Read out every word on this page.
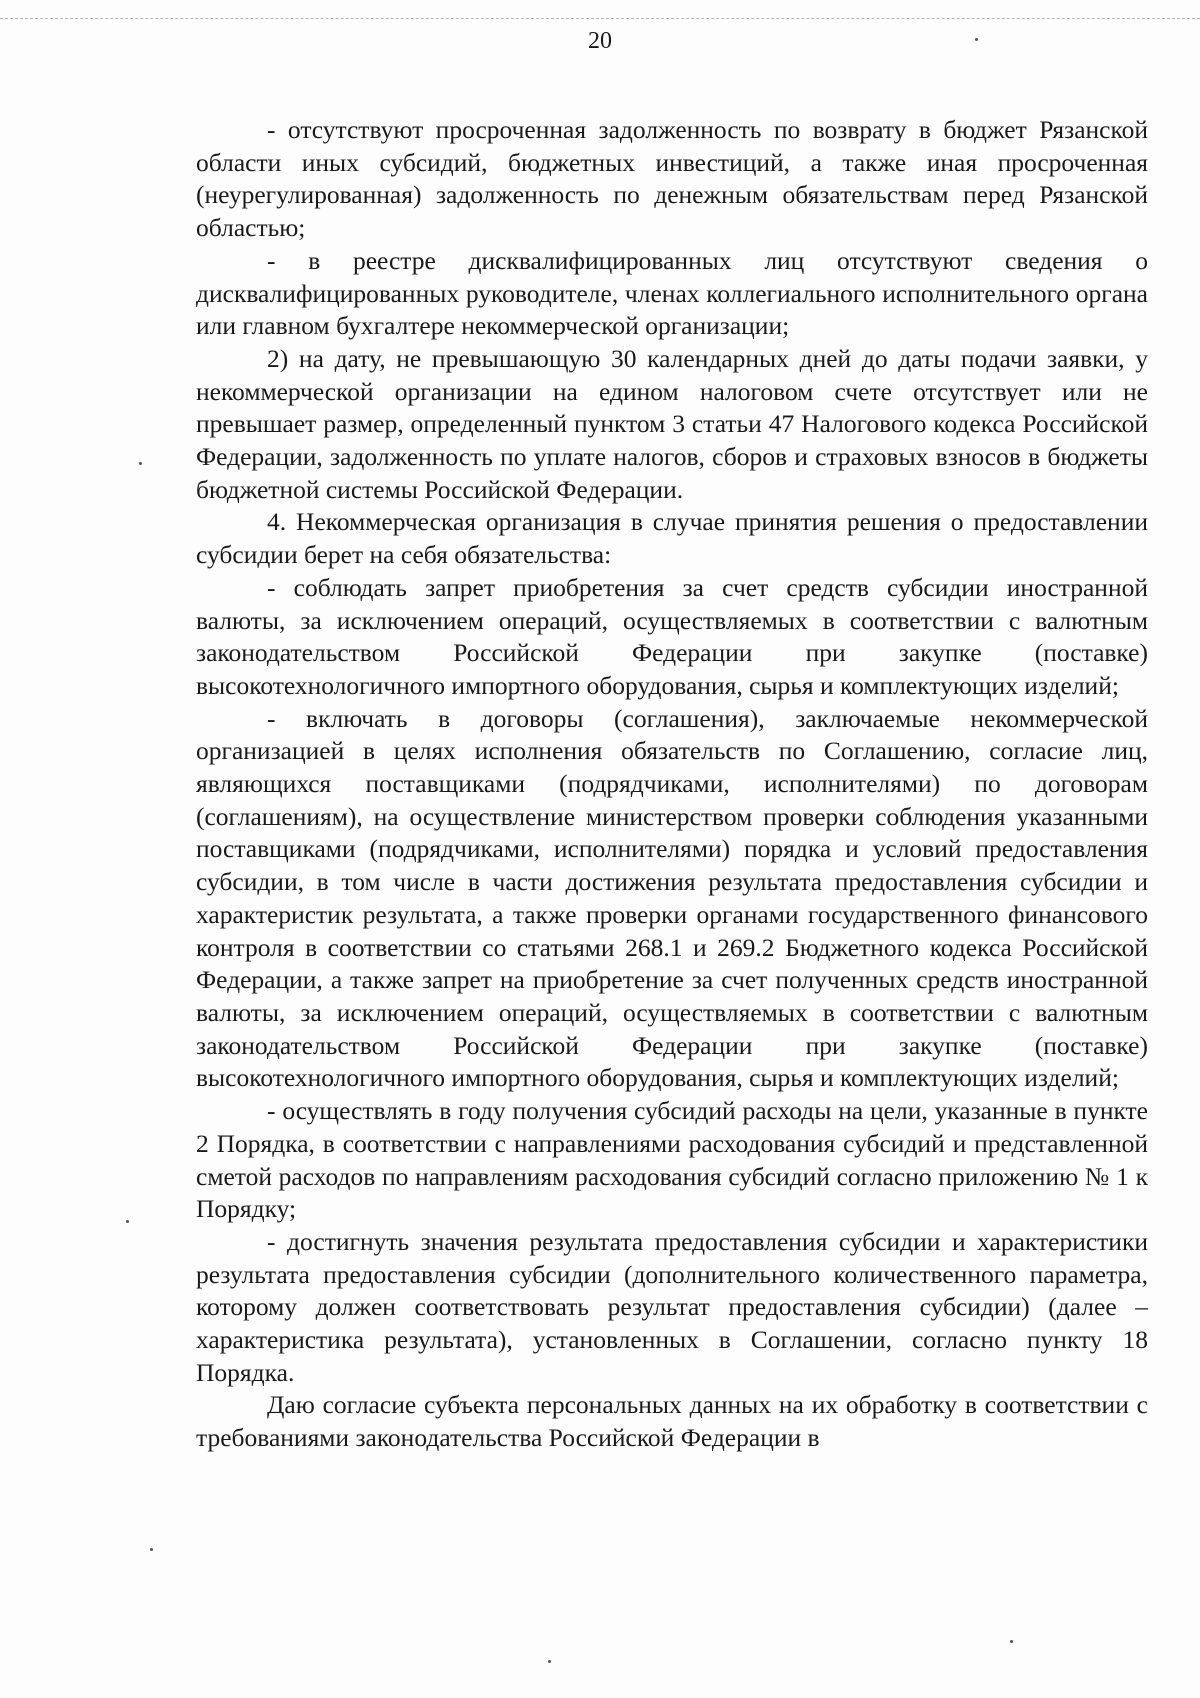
20

- отсутствуют просроченная задолженность по возврату в бюджет Рязанской области иных субсидий, бюджетных инвестиций, а также иная просроченная (неурегулированная) задолженность по денежным обязательствам перед Рязанской областью;

- в реестре дисквалифицированных лиц отсутствуют сведения о дисквалифицированных руководителе, членах коллегиального исполнительного органа или главном бухгалтере некоммерческой организации;

2) на дату, не превышающую 30 календарных дней до даты подачи заявки, у некоммерческой организации на едином налоговом счете отсутствует или не превышает размер, определенный пунктом 3 статьи 47 Налогового кодекса Российской Федерации, задолженность по уплате налогов, сборов и страховых взносов в бюджеты бюджетной системы Российской Федерации.

4. Некоммерческая организация в случае принятия решения о предоставлении субсидии берет на себя обязательства:

- соблюдать запрет приобретения за счет средств субсидии иностранной валюты, за исключением операций, осуществляемых в соответствии с валютным законодательством Российской Федерации при закупке (поставке) высокотехнологичного импортного оборудования, сырья и комплектующих изделий;

- включать в договоры (соглашения), заключаемые некоммерческой организацией в целях исполнения обязательств по Соглашению, согласие лиц, являющихся поставщиками (подрядчиками, исполнителями) по договорам (соглашениям), на осуществление министерством проверки соблюдения указанными поставщиками (подрядчиками, исполнителями) порядка и условий предоставления субсидии, в том числе в части достижения результата предоставления субсидии и характеристик результата, а также проверки органами государственного финансового контроля в соответствии со статьями 268.1 и 269.2 Бюджетного кодекса Российской Федерации, а также запрет на приобретение за счет полученных средств иностранной валюты, за исключением операций, осуществляемых в соответствии с валютным законодательством Российской Федерации при закупке (поставке) высокотехнологичного импортного оборудования, сырья и комплектующих изделий;

- осуществлять в году получения субсидий расходы на цели, указанные в пункте 2 Порядка, в соответствии с направлениями расходования субсидий и представленной сметой расходов по направлениям расходования субсидий согласно приложению № 1 к Порядку;

- достигнуть значения результата предоставления субсидии и характеристики результата предоставления субсидии (дополнительного количественного параметра, которому должен соответствовать результат предоставления субсидии) (далее – характеристика результата), установленных в Соглашении, согласно пункту 18 Порядка.

Даю согласие субъекта персональных данных на их обработку в соответствии с требованиями законодательства Российской Федерации в
